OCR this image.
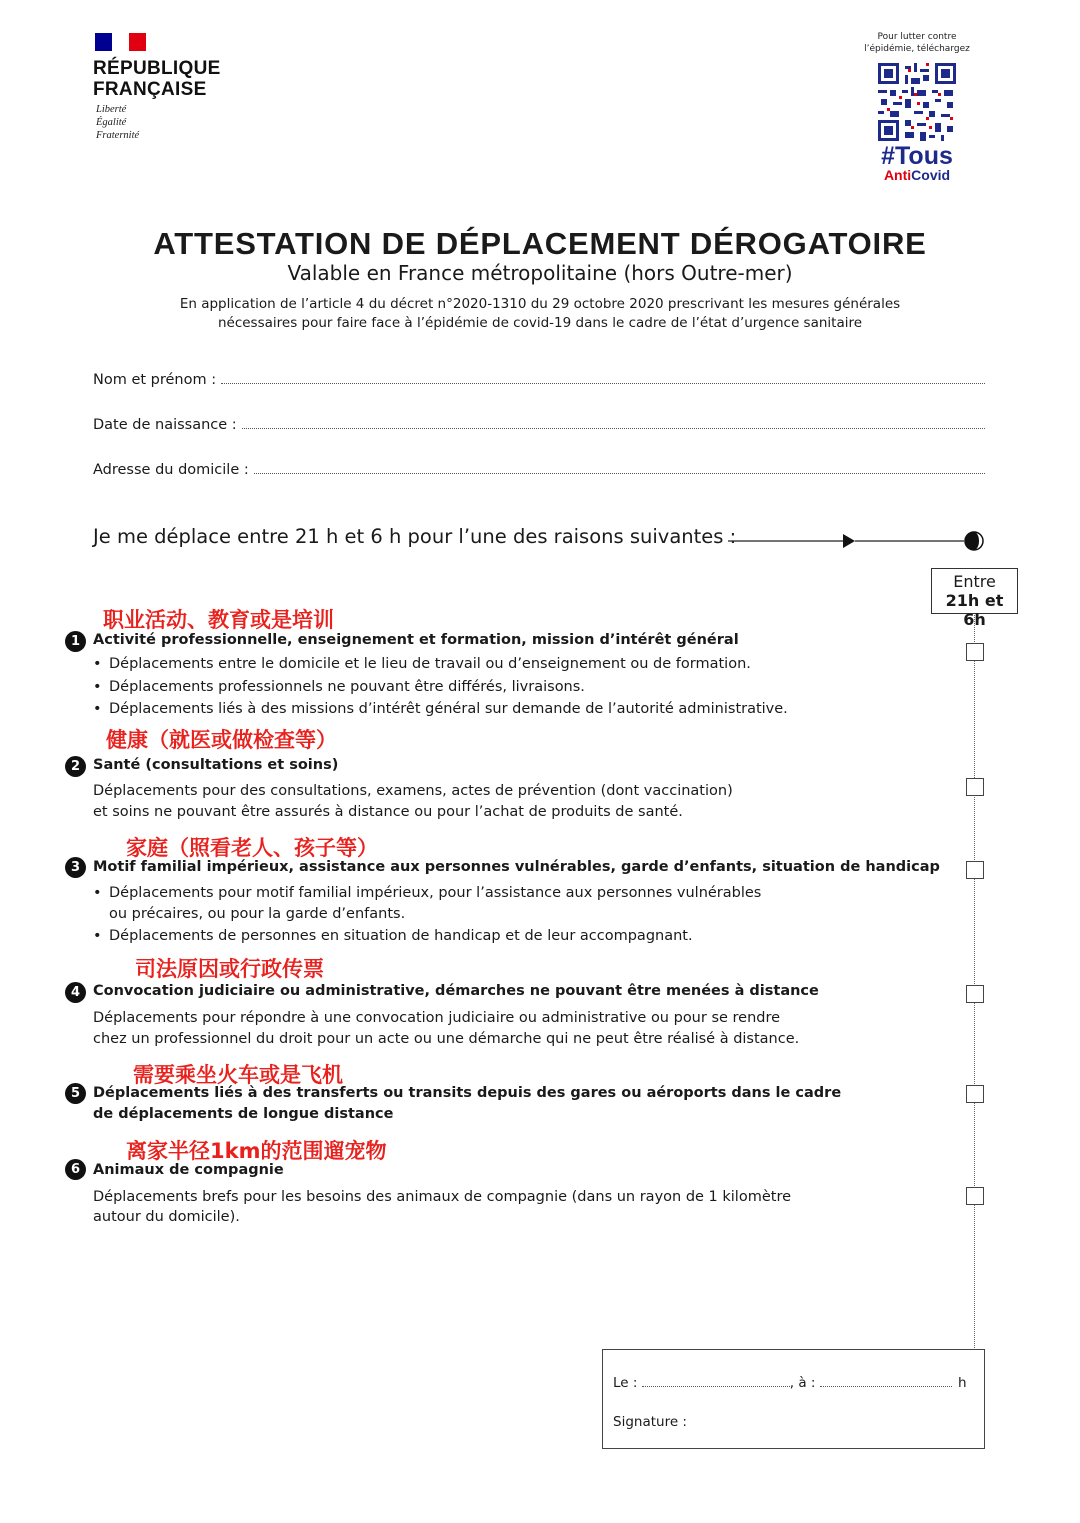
RÉPUBLIQUE
FRANÇAISE
Liberté
Égalité
Fraternité
Pour lutter contre
l’épidémie, téléchargez
#Tous
AntiCovid
ATTESTATION DE DÉPLACEMENT DÉROGATOIRE
Valable en France métropolitaine (hors Outre-mer)
En application de l’article 4 du décret n°2020-1310 du 29 octobre 2020 prescrivant les mesures générales
nécessaires pour faire face à l’épidémie de covid-19 dans le cadre de l’état d’urgence sanitaire
Nom et prénom :
Date de naissance :
Adresse du domicile :
Je me déplace entre 21 h et 6 h pour l’une des raisons suivantes :
Entre
21h et 6h
职业活动、教育或是培训
1 Activité professionnelle, enseignement et formation, mission d’intérêt général
• Déplacements entre le domicile et le lieu de travail ou d’enseignement ou de formation.
• Déplacements professionnels ne pouvant être différés, livraisons.
• Déplacements liés à des missions d’intérêt général sur demande de l’autorité administrative.
健康（就医或做检查等）
2 Santé (consultations et soins)
Déplacements pour des consultations, examens, actes de prévention (dont vaccination)
et soins ne pouvant être assurés à distance ou pour l’achat de produits de santé.
家庭（照看老人、孩子等）
3 Motif familial impérieux, assistance aux personnes vulnérables, garde d’enfants, situation de handicap
• Déplacements pour motif familial impérieux, pour l’assistance aux personnes vulnérables
ou précaires, ou pour la garde d’enfants.
• Déplacements de personnes en situation de handicap et de leur accompagnant.
司法原因或行政传票
4 Convocation judiciaire ou administrative, démarches ne pouvant être menées à distance
Déplacements pour répondre à une convocation judiciaire ou administrative ou pour se rendre
chez un professionnel du droit pour un acte ou une démarche qui ne peut être réalisé à distance.
需要乘坐火车或是飞机
5 Déplacements liés à des transferts ou transits depuis des gares ou aéroports dans le cadre
de déplacements de longue distance
离家半径1km的范围遛宠物
6 Animaux de compagnie
Déplacements brefs pour les besoins des animaux de compagnie (dans un rayon de 1 kilomètre
autour du domicile).
Le :	, à :	h
Signature :
